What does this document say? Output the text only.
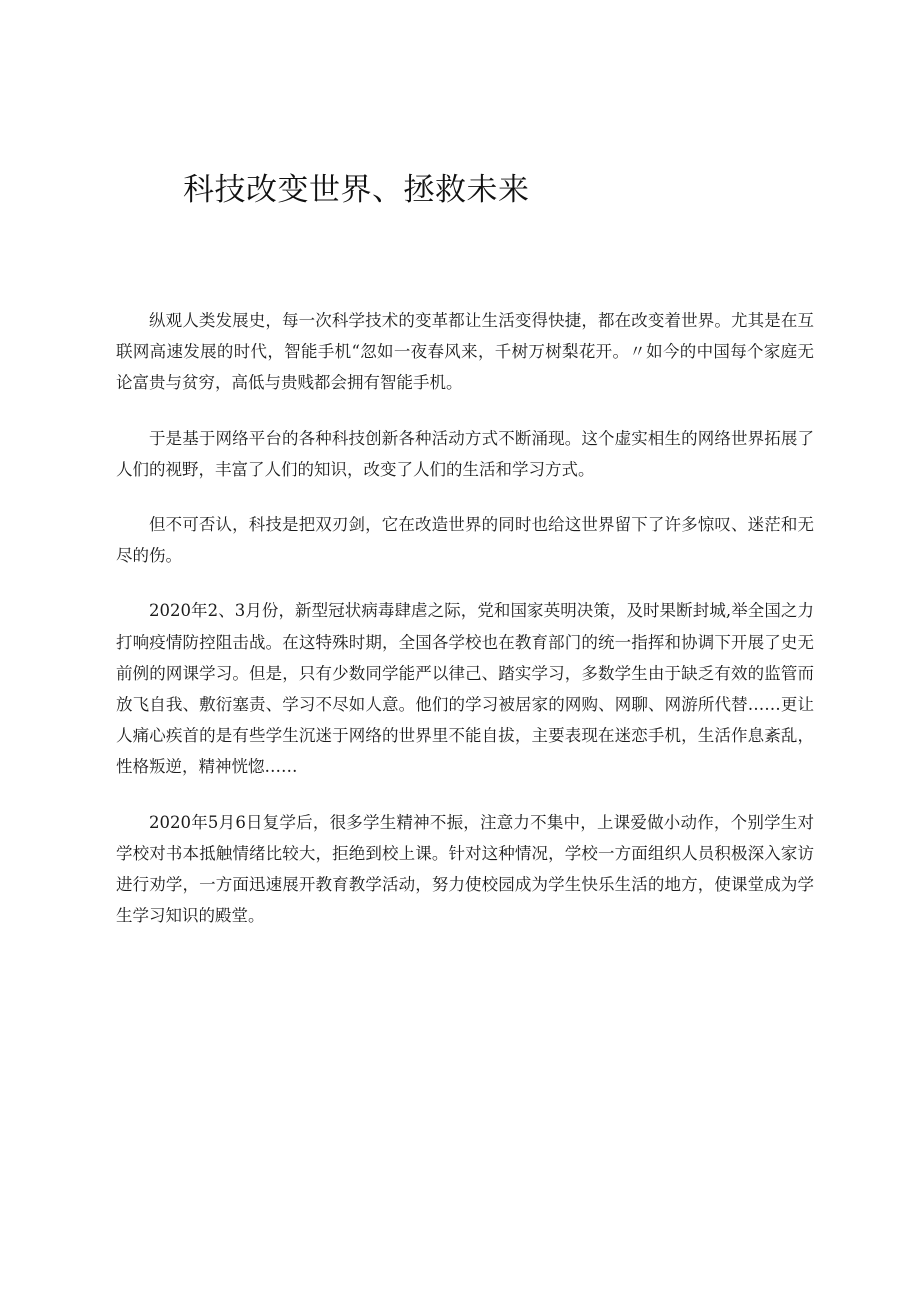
科技改变世界、拯救未来

纵观人类发展史，每一次科学技术的变革都让生活变得快捷，都在改变着世界。尤其是在互联网高速发展的时代，智能手机“忽如一夜春风来，千树万树梨花开。〃如今的中国每个家庭无论富贵与贫穷，高低与贵贱都会拥有智能手机。

于是基于网络平台的各种科技创新各种活动方式不断涌现。这个虚实相生的网络世界拓展了人们的视野，丰富了人们的知识，改变了人们的生活和学习方式。

但不可否认，科技是把双刃剑，它在改造世界的同时也给这世界留下了许多惊叹、迷茫和无尽的伤。

2020年2、3月份，新型冠状病毒肆虐之际，党和国家英明决策，及时果断封城,举全国之力打响疫情防控阻击战。在这特殊时期，全国各学校也在教育部门的统一指挥和协调下开展了史无前例的网课学习。但是，只有少数同学能严以律己、踏实学习，多数学生由于缺乏有效的监管而放飞自我、敷衍塞责、学习不尽如人意。他们的学习被居家的网购、网聊、网游所代替……更让人痛心疾首的是有些学生沉迷于网络的世界里不能自拔，主要表现在迷恋手机，生活作息紊乱，性格叛逆，精神恍惚……

2020年5月6日复学后，很多学生精神不振，注意力不集中，上课爱做小动作，个别学生对学校对书本抵触情绪比较大，拒绝到校上课。针对这种情况，学校一方面组织人员积极深入家访进行劝学，一方面迅速展开教育教学活动，努力使校园成为学生快乐生活的地方，使课堂成为学生学习知识的殿堂。
